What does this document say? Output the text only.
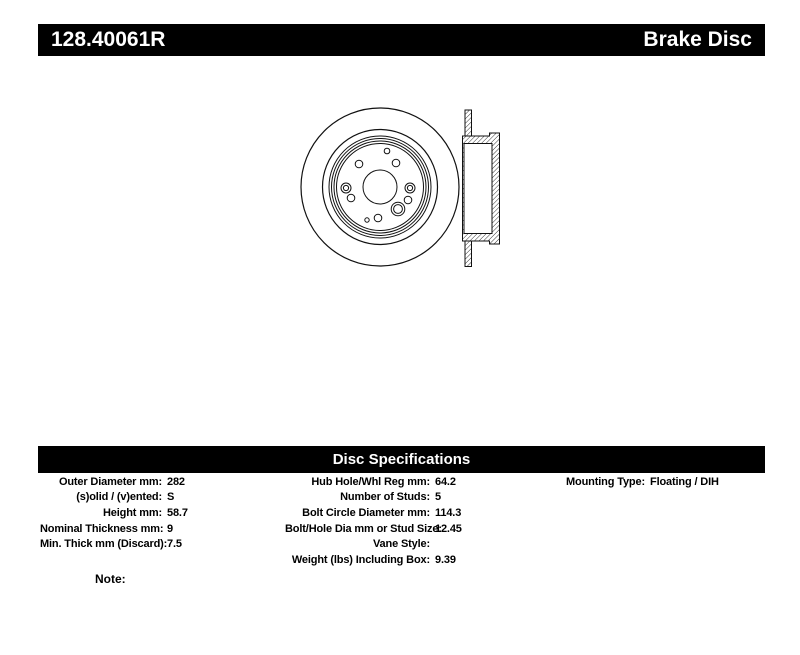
128.40061R	Brake Disc
Disc Specifications
Outer Diameter mm: 282
(s)olid / (v)ented: S
Height mm: 58.7
Nominal Thickness mm: 9
Min. Thick mm (Discard): 7.5
Hub Hole/Whl Reg mm: 64.2
Number of Studs: 5
Bolt Circle Diameter mm: 114.3
Bolt/Hole Dia mm or Stud Size:
12.45
Vane Style:
Weight (lbs) Including Box: 9.39
Mounting Type: Floating / DIH
Note:
